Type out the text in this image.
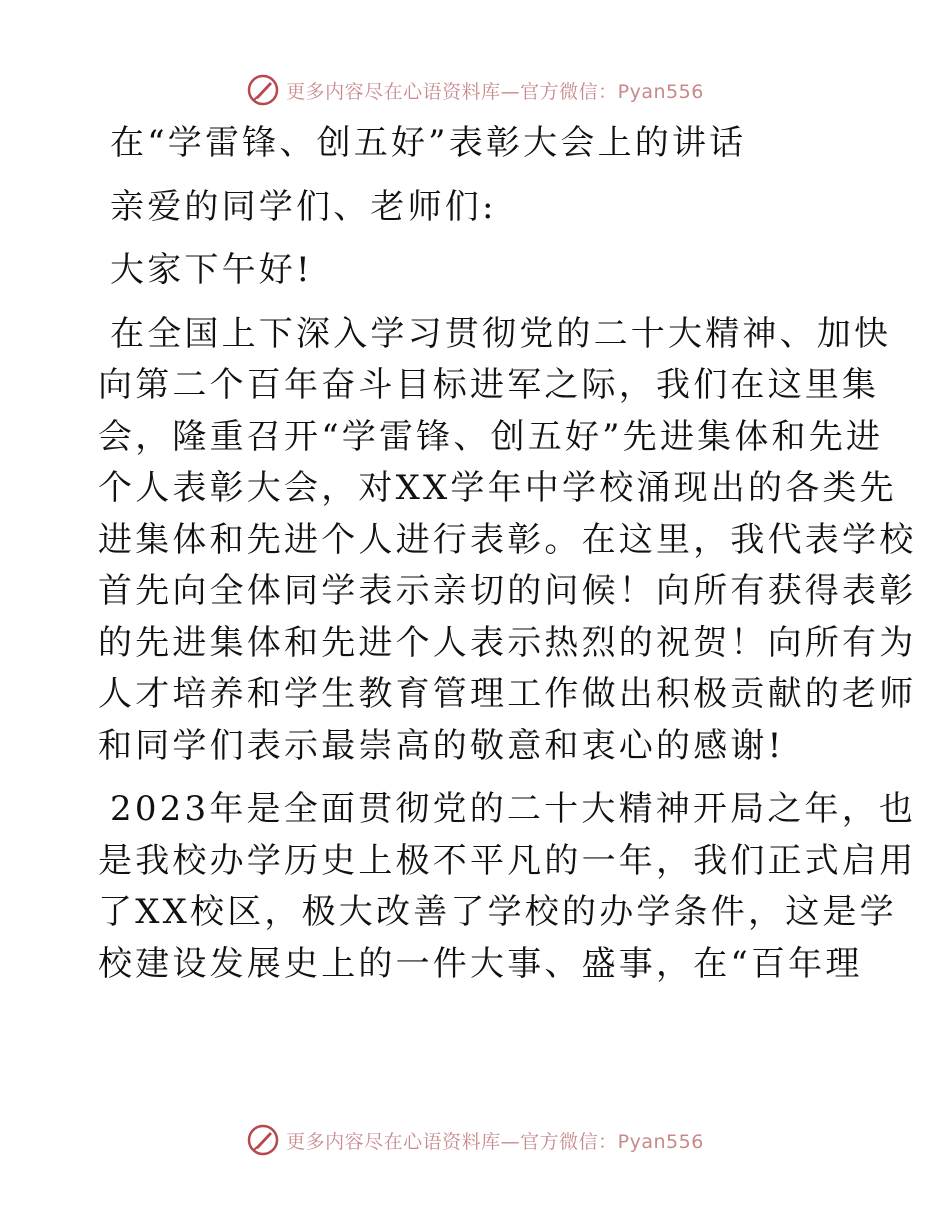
更多内容尽在心语资料库—官方微信：Pyan556
在“学雷锋、创五好”表彰大会上的讲话
亲爱的同学们、老师们:
大家下午好!
在全国上下深入学习贯彻党的二十大精神、加快
向第二个百年奋斗目标进军之际，我们在这里集
会，隆重召开“学雷锋、创五好”先进集体和先进
个人表彰大会，对XX学年中学校涌现出的各类先
进集体和先进个人进行表彰。在这里，我代表学校
首先向全体同学表示亲切的问候！向所有获得表彰
的先进集体和先进个人表示热烈的祝贺！向所有为
人才培养和学生教育管理工作做出积极贡献的老师
和同学们表示最崇高的敬意和衷心的感谢!
2023年是全面贯彻党的二十大精神开局之年，也
是我校办学历史上极不平凡的一年，我们正式启用
了XX校区，极大改善了学校的办学条件，这是学
校建设发展史上的一件大事、盛事，在“百年理
更多内容尽在心语资料库—官方微信：Pyan556
